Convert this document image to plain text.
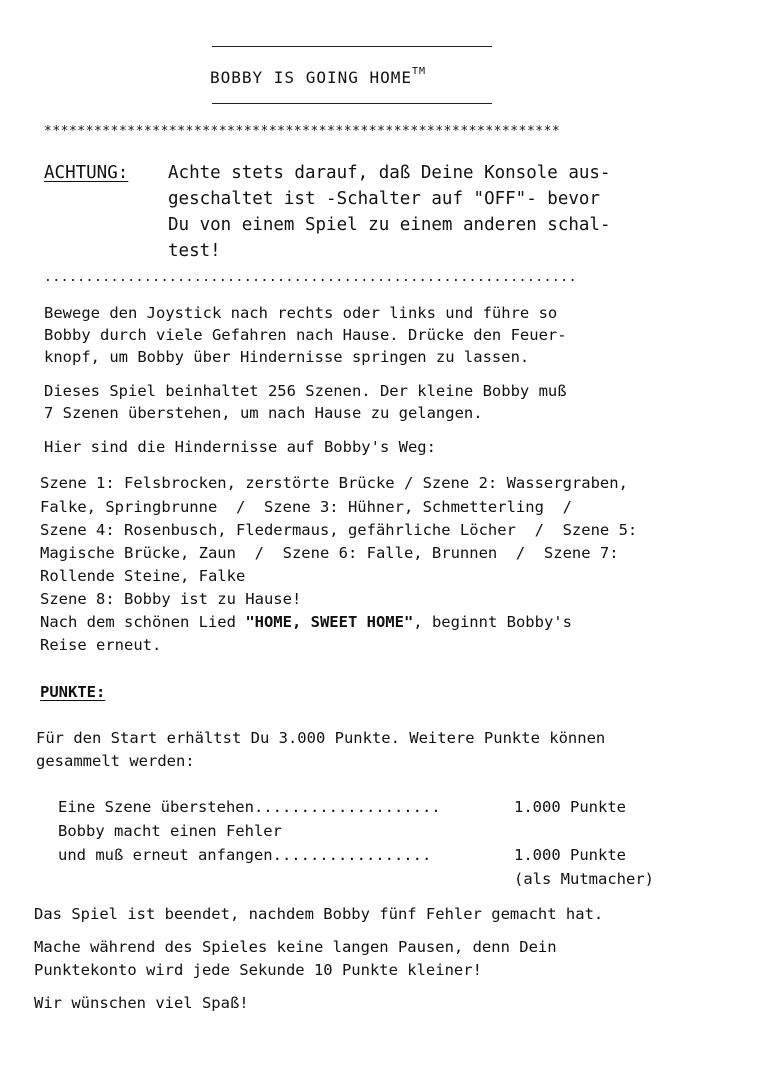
BOBBY IS GOING HOME™
**************************************************************
ACHTUNG: Achte stets darauf, daß Deine Konsole aus-
geschaltet ist -Schalter auf "OFF"- bevor
Du von einem Spiel zu einem anderen schal-
test!
................................................................
Bewege den Joystick nach rechts oder links und führe so
Bobby durch viele Gefahren nach Hause. Drücke den Feuer-
knopf, um Bobby über Hindernisse springen zu lassen.
Dieses Spiel beinhaltet 256 Szenen. Der kleine Bobby muß
7 Szenen überstehen, um nach Hause zu gelangen.
Hier sind die Hindernisse auf Bobby's Weg:
Szene 1: Felsbrocken, zerstörte Brücke / Szene 2: Wassergraben,
Falke, Springbrunne  /  Szene 3: Hühner, Schmetterling  /
Szene 4: Rosenbusch, Fledermaus, gefährliche Löcher  /  Szene 5:
Magische Brücke, Zaun  /  Szene 6: Falle, Brunnen  /  Szene 7:
Rollende Steine, Falke
Szene 8: Bobby ist zu Hause!
Nach dem schönen Lied "HOME, SWEET HOME", beginnt Bobby's
Reise erneut.
PUNKTE:
Für den Start erhältst Du 3.000 Punkte. Weitere Punkte können
gesammelt werden:
Eine Szene überstehen....................	1.000 Punkte
Bobby macht einen Fehler
und muß erneut anfangen.................	1.000 Punkte
(als Mutmacher)
Das Spiel ist beendet, nachdem Bobby fünf Fehler gemacht hat.
Mache während des Spieles keine langen Pausen, denn Dein
Punktekonto wird jede Sekunde 10 Punkte kleiner!
Wir wünschen viel Spaß!
